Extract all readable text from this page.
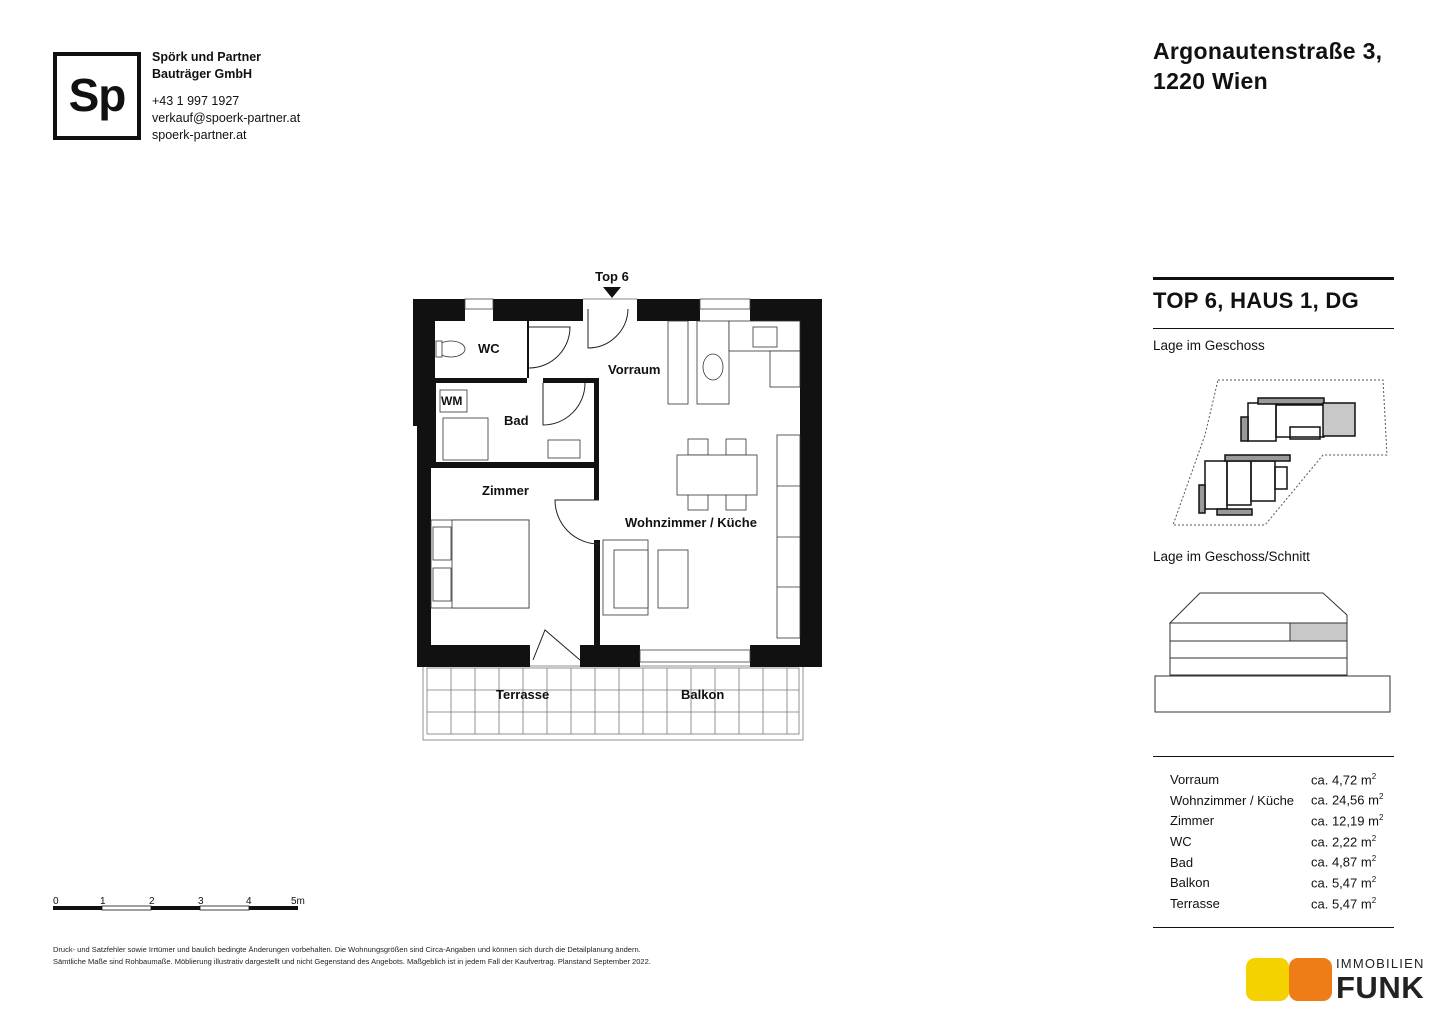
Sp
Spörk und Partner
Bauträger GmbH
+43 1 997 1927
verkauf@spoerk-partner.at
spoerk-partner.at
Argonautenstraße 3,
1220 Wien
TOP 6, HAUS 1, DG
Lage im Geschoss
Lage im Geschoss/Schnitt
Vorraum	ca. 4,72 $m^2$
Wohnzimmer / Küche	ca. 24,56 $m^2$
Zimmer	ca. 12,19 $m^2$
WC	ca. 2,22 $m^2$
Bad	ca. 4,87 $m^2$
Balkon	ca. 5,47 $m^2$
Terrasse	ca. 5,47 $m^2$
Top 6
WC
WM
Bad
Vorraum
Zimmer
Wohnzimmer / Küche
Terrasse	Balkon
0	1	2	3	4	5m
Druck- und Satzfehler sowie Irrtümer und baulich bedingte Änderungen vorbehalten. Die Wohnungsgrößen sind Circa-Angaben und können sich durch die Detailplanung ändern.
Sämtliche Maße sind Rohbaumaße. Möblierung illustrativ dargestellt und nicht Gegenstand des Angebots. Maßgeblich ist in jedem Fall der Kaufvertrag. Planstand September 2022.	IMMOBILIEN
FUNK
